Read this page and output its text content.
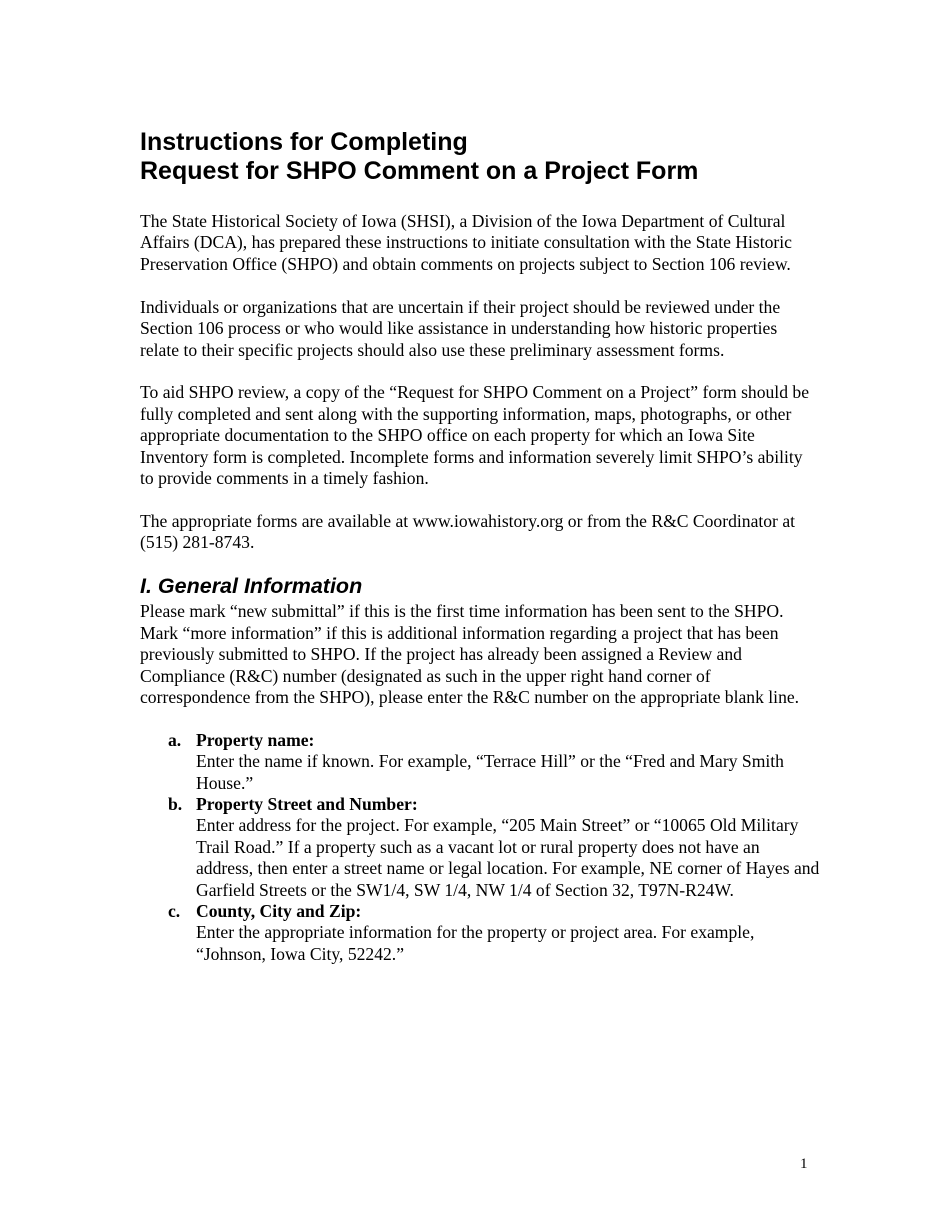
Instructions for Completing
Request for SHPO Comment on a Project Form

The State Historical Society of Iowa (SHSI), a Division of the Iowa Department of Cultural Affairs (DCA), has prepared these instructions to initiate consultation with the State Historic Preservation Office (SHPO) and obtain comments on projects subject to Section 106 review.

Individuals or organizations that are uncertain if their project should be reviewed under the Section 106 process or who would like assistance in understanding how historic properties relate to their specific projects should also use these preliminary assessment forms.

To aid SHPO review, a copy of the “Request for SHPO Comment on a Project” form should be fully completed and sent along with the supporting information, maps, photographs, or other appropriate documentation to the SHPO office on each property for which an Iowa Site Inventory form is completed. Incomplete forms and information severely limit SHPO’s ability to provide comments in a timely fashion.

The appropriate forms are available at www.iowahistory.org or from the R&C Coordinator at (515) 281-8743.

I. General Information

Please mark “new submittal” if this is the first time information has been sent to the SHPO. Mark “more information” if this is additional information regarding a project that has been previously submitted to SHPO. If the project has already been assigned a Review and Compliance (R&C) number (designated as such in the upper right hand corner of correspondence from the SHPO), please enter the R&C number on the appropriate blank line.

a. Property name:
Enter the name if known. For example, “Terrace Hill” or the “Fred and Mary Smith House.”
b. Property Street and Number:
Enter address for the project. For example, “205 Main Street” or “10065 Old Military Trail Road.” If a property such as a vacant lot or rural property does not have an address, then enter a street name or legal location. For example, NE corner of Hayes and Garfield Streets or the SW1/4, SW 1/4, NW 1/4 of Section 32, T97N-R24W.
c. County, City and Zip:
Enter the appropriate information for the property or project area. For example, “Johnson, Iowa City, 52242.”
1
